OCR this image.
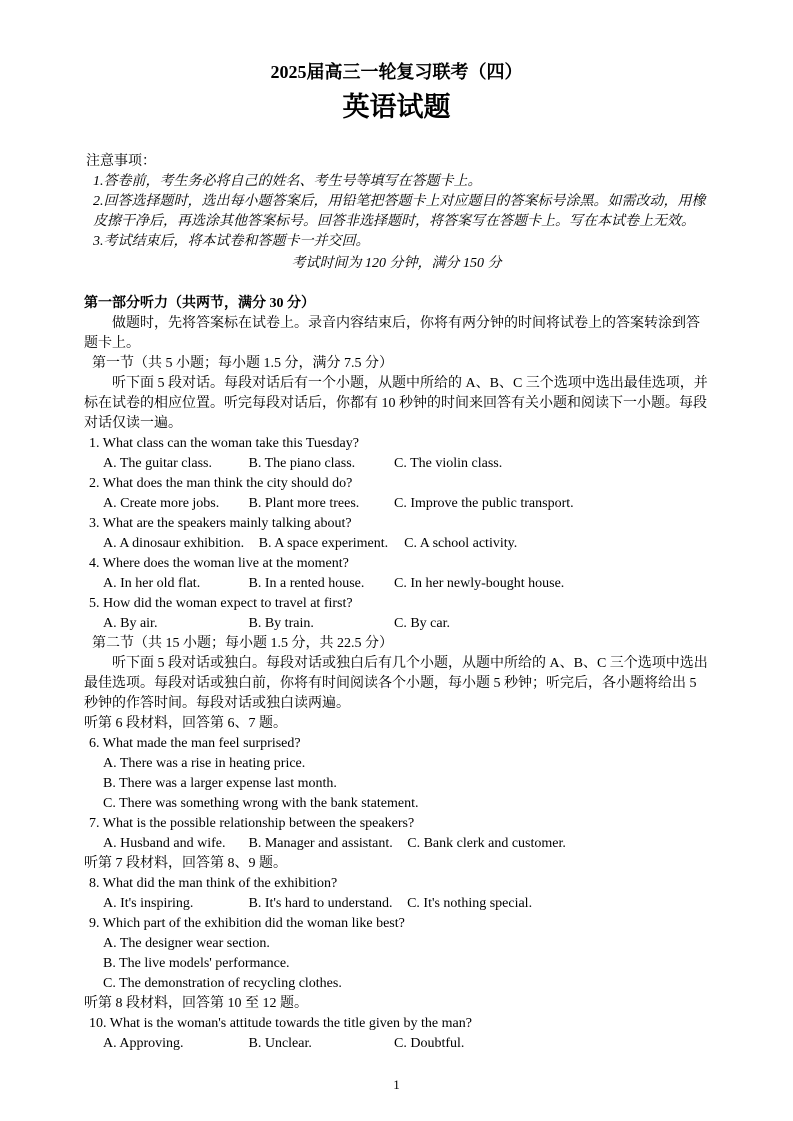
2025届高三一轮复习联考（四）
英语试题
注意事项：
1.答卷前，考生务必将自己的姓名、考生号等填写在答题卡上。
2.回答选择题时，选出每小题答案后，用铅笔把答题卡上对应题目的答案标号涂黑。如需改动，用橡皮擦干净后，再选涂其他答案标号。回答非选择题时，将答案写在答题卡上。写在本试卷上无效。
3.考试结束后，将本试卷和答题卡一并交回。
考试时间为 120 分钟，满分 150 分
第一部分听力（共两节，满分 30 分）
做题时，先将答案标在试卷上。录音内容结束后，你将有两分钟的时间将试卷上的答案转涂到答题卡上。
第一节（共 5 小题；每小题 1.5 分，满分 7.5 分）
听下面 5 段对话。每段对话后有一个小题，从题中所给的 A、B、C 三个选项中选出最佳选项，并标在试卷的相应位置。听完每段对话后，你都有 10 秒钟的时间来回答有关小题和阅读下一小题。每段对话仅读一遍。
1. What class can the woman take this Tuesday?
A. The guitar class.	B. The piano class.	C. The violin class.
2. What does the man think the city should do?
A. Create more jobs. B. Plant more trees. C. Improve the public transport.
3. What are the speakers mainly talking about?
A. A dinosaur exhibition. B. A space experiment. C. A school activity.
4. Where does the woman live at the moment?
A. In her old flat.	B. In a rented house. C. In her newly-bought house.
5. How did the woman expect to travel at first?
A. By air.	B. By train.	C. By car.
第二节（共 15 小题；每小题 1.5 分，共 22.5 分）
听下面 5 段对话或独白。每段对话或独白后有几个小题，从题中所给的 A、B、C 三个选项中选出最佳选项。每段对话或独白前，你将有时间阅读各个小题，每小题 5 秒钟；听完后，各小题将给出 5 秒钟的作答时间。每段对话或独白读两遍。
听第 6 段材料，回答第 6、7 题。
6. What made the man feel surprised?
A. There was a rise in heating price.
B. There was a larger expense last month.
C. There was something wrong with the bank statement.
7. What is the possible relationship between the speakers?
A. Husband and wife. B. Manager and assistant. C. Bank clerk and customer.
听第 7 段材料，回答第 8、9 题。
8. What did the man think of the exhibition?
A. It's inspiring.	B. It's hard to understand. C. It's nothing special.
9. Which part of the exhibition did the woman like best?
A. The designer wear section.
B. The live models' performance.
C. The demonstration of recycling clothes.
听第 8 段材料，回答第 10 至 12 题。
10. What is the woman's attitude towards the title given by the man?
A. Approving.	B. Unclear.	C. Doubtful.
1
